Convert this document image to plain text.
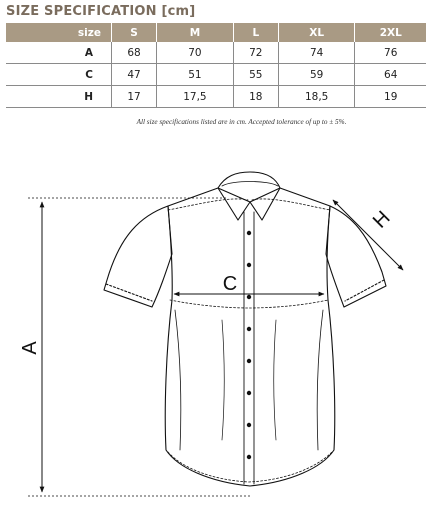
SIZE SPECIFICATION [cm]
size	S	M	L	XL	2XL
A	68	70	72	74	76
C	47	51	55	59	64
H	17	17,5	18	18,5	19
All size specifications listed are in cm. Accepted tolerance of up to ± 5%.
A
C
H
